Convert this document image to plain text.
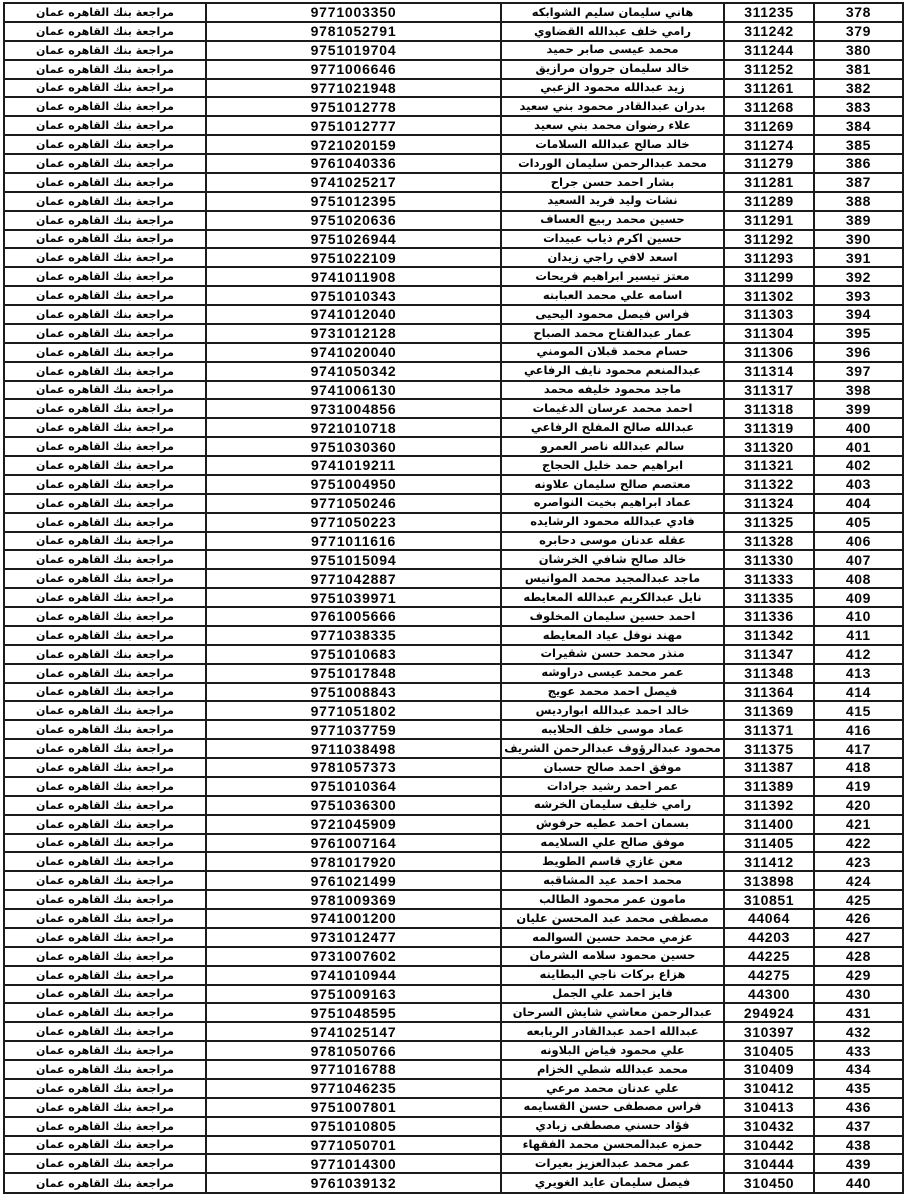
378	311235	هاني سليمان سليم الشوابكه	9771003350	مراجعة بنك القاهره عمان
379	311242	رامي خلف عبدالله القضاوي	9781052791	مراجعة بنك القاهره عمان
380	311244	محمد عيسى صابر حميد	9751019704	مراجعة بنك القاهره عمان
381	311252	خالد سليمان جروان مرازيق	9771006646	مراجعة بنك القاهره عمان
382	311261	زيد عبدالله محمود الزعبي	9771021948	مراجعة بنك القاهره عمان
383	311268	بدران عبدالقادر محمود بني سعيد	9751012778	مراجعة بنك القاهره عمان
384	311269	علاء رضوان محمد بني سعيد	9751012777	مراجعة بنك القاهره عمان
385	311274	خالد صالح عبدالله السلامات	9721020159	مراجعة بنك القاهره عمان
386	311279	محمد عبدالرحمن سليمان الوردات	9761040336	مراجعة بنك القاهره عمان
387	311281	بشار احمد حسن جراح	9741025217	مراجعة بنك القاهره عمان
388	311289	نشات وليد فريد السعيد	9751012395	مراجعة بنك القاهره عمان
389	311291	حسين محمد ربيع العساف	9751020636	مراجعة بنك القاهره عمان
390	311292	حسين اكرم ذياب عبيدات	9751026944	مراجعة بنك القاهره عمان
391	311293	اسعد لافي راجي زيدان	9751022109	مراجعة بنك القاهره عمان
392	311299	معتز تيسير ابراهيم فريحات	9741011908	مراجعة بنك القاهره عمان
393	311302	اسامه علي محمد العبابنه	9751010343	مراجعة بنك القاهره عمان
394	311303	فراس فيصل محمود اليحيى	9741012040	مراجعة بنك القاهره عمان
395	311304	عمار عبدالفتاح محمد الصباح	9731012128	مراجعة بنك القاهره عمان
396	311306	حسام محمد قبلان المومني	9741020040	مراجعة بنك القاهره عمان
397	311314	عبدالمنعم محمود نايف الرفاعي	9741050342	مراجعة بنك القاهره عمان
398	311317	ماجد محمود خليفه محمد	9741006130	مراجعة بنك القاهره عمان
399	311318	احمد محمد عرسان الدغيمات	9731004856	مراجعة بنك القاهره عمان
400	311319	عبدالله صالح المفلح الرفاعي	9721010718	مراجعة بنك القاهره عمان
401	311320	سالم عبدالله ناصر العمرو	9751030360	مراجعة بنك القاهره عمان
402	311321	ابراهيم حمد خليل الحجاج	9741019211	مراجعة بنك القاهره عمان
403	311322	معتصم صالح سليمان علاونه	9751004950	مراجعة بنك القاهره عمان
404	311324	عماد ابراهيم بخيت النواصره	9771050246	مراجعة بنك القاهره عمان
405	311325	فادي عبدالله محمود الرشايده	9771050223	مراجعة بنك القاهره عمان
406	311328	عقله عدنان موسى دحابره	9771011616	مراجعة بنك القاهره عمان
407	311330	خالد صالح شافي الخرشان	9751015094	مراجعة بنك القاهره عمان
408	311333	ماجد عبدالمجيد محمد الموانيس	9771042887	مراجعة بنك القاهره عمان
409	311335	نايل عبدالكريم عبدالله المعايطه	9751039971	مراجعة بنك القاهره عمان
410	311336	احمد حسين سليمان المخلوف	9761005666	مراجعة بنك القاهره عمان
411	311342	مهند نوفل عياد المعايطه	9771038335	مراجعة بنك القاهره عمان
412	311347	منذر محمد حسن شقيرات	9751010683	مراجعة بنك القاهره عمان
413	311348	عمر محمد عيسى دراوشه	9751017848	مراجعة بنك القاهره عمان
414	311364	فيصل احمد محمد عويج	9751008843	مراجعة بنك القاهره عمان
415	311369	خالد احمد عبدالله ابوارديس	9771051802	مراجعة بنك القاهره عمان
416	311371	عماد موسى خلف الحلايبه	9771037759	مراجعة بنك القاهره عمان
417	311375	محمود عبدالرؤوف عبدالرحمن الشريف	9711038498	مراجعة بنك القاهره عمان
418	311387	موفق احمد صالح حسبان	9781057373	مراجعة بنك القاهره عمان
419	311389	عمر احمد رشيد جرادات	9751010364	مراجعة بنك القاهره عمان
420	311392	رامي خليف سليمان الخرشه	9751036300	مراجعة بنك القاهره عمان
421	311400	بسمان احمد عطيه حرفوش	9721045909	مراجعة بنك القاهره عمان
422	311405	موفق صالح علي السلايمه	9761007164	مراجعة بنك القاهره عمان
423	311412	معن غازي قاسم الطويط	9781017920	مراجعة بنك القاهره عمان
424	313898	محمد احمد عيد المشاقبه	9761021499	مراجعة بنك القاهره عمان
425	310851	مامون عمر محمود الطالب	9781009369	مراجعة بنك القاهره عمان
426	44064	مصطفى محمد عبد المحسن عليان	9741001200	مراجعة بنك القاهره عمان
427	44203	عزمي محمد حسين السوالمه	9731012477	مراجعة بنك القاهره عمان
428	44225	حسين محمود سلامه الشرمان	9731007602	مراجعة بنك القاهره عمان
429	44275	هزاع بركات ناجي البطاينه	9741010944	مراجعة بنك القاهره عمان
430	44300	فايز احمد علي الجمل	9751009163	مراجعة بنك القاهره عمان
431	294924	عبدالرحمن معاشي شايش السرحان	9751048595	مراجعة بنك القاهره عمان
432	310397	عبدالله احمد عبدالقادر الربابعه	9741025147	مراجعة بنك القاهره عمان
433	310405	علي محمود فياض البلاونه	9781050766	مراجعة بنك القاهره عمان
434	310409	محمد عبدالله شطي الخزام	9771016788	مراجعة بنك القاهره عمان
435	310412	علي عدنان محمد مرعي	9771046235	مراجعة بنك القاهره عمان
436	310413	فراس مصطفى حسن القسايمه	9751007801	مراجعة بنك القاهره عمان
437	310432	فؤاد حسني مصطفى زبادي	9751010805	مراجعة بنك القاهره عمان
438	310442	حمزه عبدالمحسن محمد الفقهاء	9771050701	مراجعة بنك القاهره عمان
439	310444	عمر محمد عبدالعزيز بعيرات	9771014300	مراجعة بنك القاهره عمان
440	310450	فيصل سليمان عايد الغويري	9761039132	مراجعة بنك القاهره عمان
